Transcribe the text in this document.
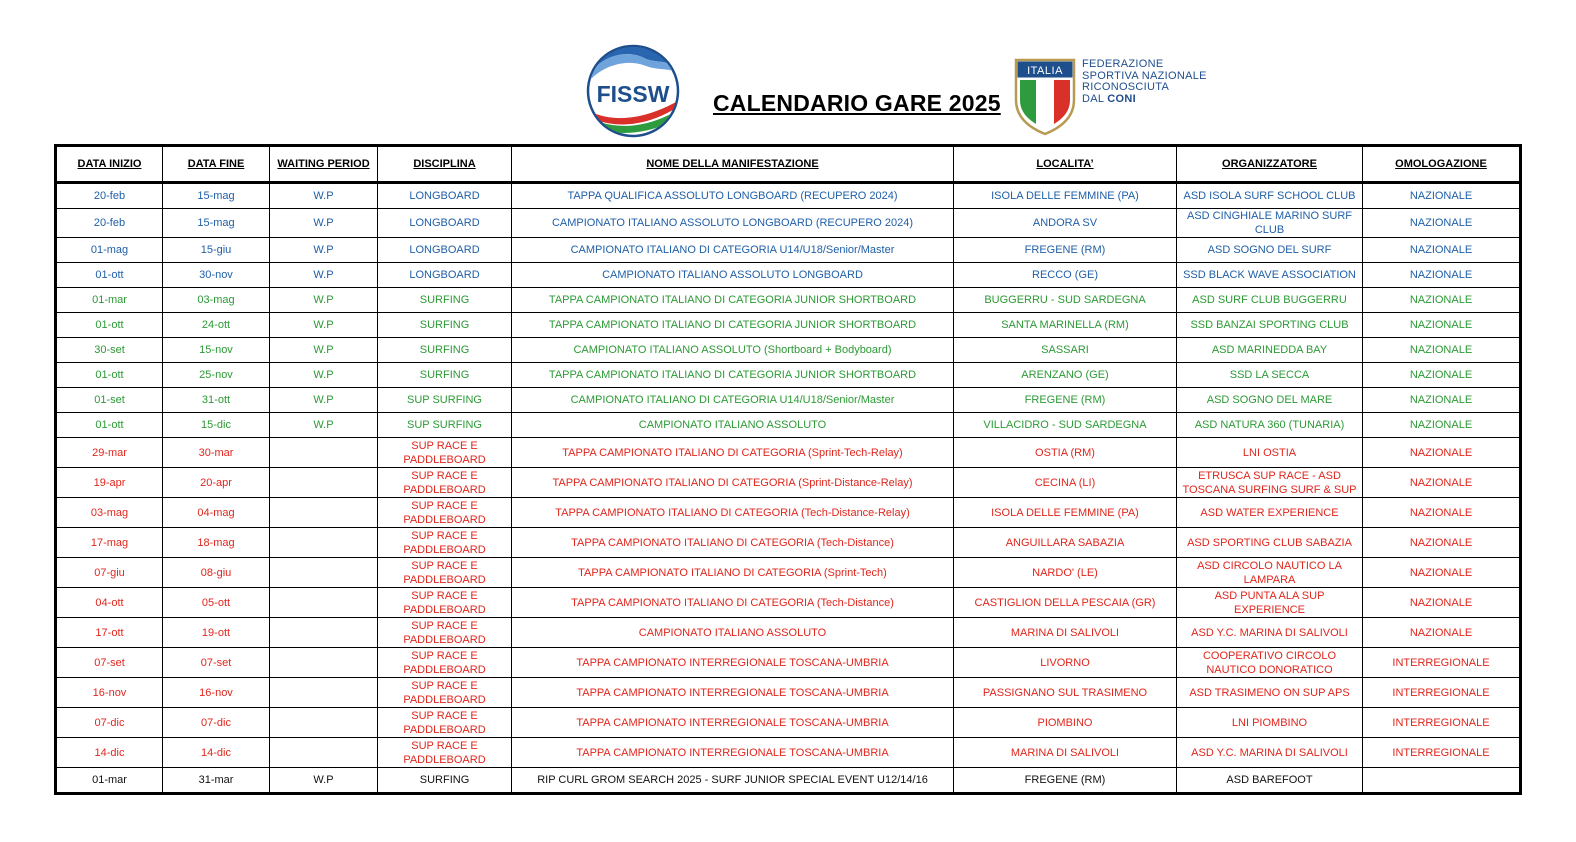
FISSW CALENDARIO GARE 2025
ITALIA
FEDERAZIONE
SPORTIVA NAZIONALE
RICONOSCIUTA
DAL CONI
DATA INIZIO	DATA FINE	WAITING PERIOD	DISCIPLINA	NOME DELLA MANIFESTAZIONE	LOCALITA’	ORGANIZZATORE	OMOLOGAZIONE
20-feb	15-mag	W.P	LONGBOARD	TAPPA QUALIFICA ASSOLUTO LONGBOARD (RECUPERO 2024)	ISOLA DELLE FEMMINE (PA)	ASD ISOLA SURF SCHOOL CLUB	NAZIONALE
20-feb	15-mag	W.P	LONGBOARD	CAMPIONATO ITALIANO ASSOLUTO LONGBOARD (RECUPERO 2024)	ANDORA SV	ASD CINGHIALE MARINO SURF CLUB	NAZIONALE
01-mag	15-giu	W.P	LONGBOARD	CAMPIONATO ITALIANO DI CATEGORIA U14/U18/Senior/Master	FREGENE (RM)	ASD SOGNO DEL SURF	NAZIONALE
01-ott	30-nov	W.P	LONGBOARD	CAMPIONATO ITALIANO ASSOLUTO LONGBOARD	RECCO (GE)	SSD BLACK WAVE ASSOCIATION	NAZIONALE
01-mar	03-mag	W.P	SURFING	TAPPA CAMPIONATO ITALIANO DI CATEGORIA JUNIOR SHORTBOARD	BUGGERRU - SUD SARDEGNA	ASD SURF CLUB BUGGERRU	NAZIONALE
01-ott	24-ott	W.P	SURFING	TAPPA CAMPIONATO ITALIANO DI CATEGORIA JUNIOR SHORTBOARD	SANTA MARINELLA (RM)	SSD BANZAI SPORTING CLUB	NAZIONALE
30-set	15-nov	W.P	SURFING	CAMPIONATO ITALIANO ASSOLUTO (Shortboard + Bodyboard)	SASSARI	ASD MARINEDDA BAY	NAZIONALE
01-ott	25-nov	W.P	SURFING	TAPPA CAMPIONATO ITALIANO DI CATEGORIA JUNIOR SHORTBOARD	ARENZANO (GE)	SSD LA SECCA	NAZIONALE
01-set	31-ott	W.P	SUP SURFING	CAMPIONATO ITALIANO DI CATEGORIA U14/U18/Senior/Master	FREGENE (RM)	ASD SOGNO DEL MARE	NAZIONALE
01-ott	15-dic	W.P	SUP SURFING	CAMPIONATO ITALIANO ASSOLUTO	VILLACIDRO - SUD SARDEGNA	ASD NATURA 360 (TUNARIA)	NAZIONALE
29-mar	30-mar		SUP RACE E PADDLEBOARD	TAPPA CAMPIONATO ITALIANO DI CATEGORIA (Sprint-Tech-Relay)	OSTIA (RM)	LNI OSTIA	NAZIONALE
19-apr	20-apr		SUP RACE E PADDLEBOARD	TAPPA CAMPIONATO ITALIANO DI CATEGORIA (Sprint-Distance-Relay)	CECINA (LI)	ETRUSCA SUP RACE - ASD TOSCANA SURFING SURF & SUP	NAZIONALE
03-mag	04-mag		SUP RACE E PADDLEBOARD	TAPPA CAMPIONATO ITALIANO DI CATEGORIA (Tech-Distance-Relay)	ISOLA DELLE FEMMINE (PA)	ASD WATER EXPERIENCE	NAZIONALE
17-mag	18-mag		SUP RACE E PADDLEBOARD	TAPPA CAMPIONATO ITALIANO DI CATEGORIA (Tech-Distance)	ANGUILLARA SABAZIA	ASD SPORTING CLUB SABAZIA	NAZIONALE
07-giu	08-giu		SUP RACE E PADDLEBOARD	TAPPA CAMPIONATO ITALIANO DI CATEGORIA (Sprint-Tech)	NARDO' (LE)	ASD CIRCOLO NAUTICO LA LAMPARA	NAZIONALE
04-ott	05-ott		SUP RACE E PADDLEBOARD	TAPPA CAMPIONATO ITALIANO DI CATEGORIA (Tech-Distance)	CASTIGLION DELLA PESCAIA (GR)	ASD PUNTA ALA SUP EXPERIENCE	NAZIONALE
17-ott	19-ott		SUP RACE E PADDLEBOARD	CAMPIONATO ITALIANO ASSOLUTO	MARINA DI SALIVOLI	ASD Y.C. MARINA DI SALIVOLI	NAZIONALE
07-set	07-set		SUP RACE E PADDLEBOARD	TAPPA CAMPIONATO INTERREGIONALE TOSCANA-UMBRIA	LIVORNO	COOPERATIVO CIRCOLO NAUTICO DONORATICO	INTERREGIONALE
16-nov	16-nov		SUP RACE E PADDLEBOARD	TAPPA CAMPIONATO INTERREGIONALE TOSCANA-UMBRIA	PASSIGNANO SUL TRASIMENO	ASD TRASIMENO ON SUP APS	INTERREGIONALE
07-dic	07-dic		SUP RACE E PADDLEBOARD	TAPPA CAMPIONATO INTERREGIONALE TOSCANA-UMBRIA	PIOMBINO	LNI PIOMBINO	INTERREGIONALE
14-dic	14-dic		SUP RACE E PADDLEBOARD	TAPPA CAMPIONATO INTERREGIONALE TOSCANA-UMBRIA	MARINA DI SALIVOLI	ASD Y.C. MARINA DI SALIVOLI	INTERREGIONALE
01-mar	31-mar	W.P	SURFING	RIP CURL GROM SEARCH 2025 - SURF JUNIOR SPECIAL EVENT U12/14/16	FREGENE (RM)	ASD BAREFOOT	
